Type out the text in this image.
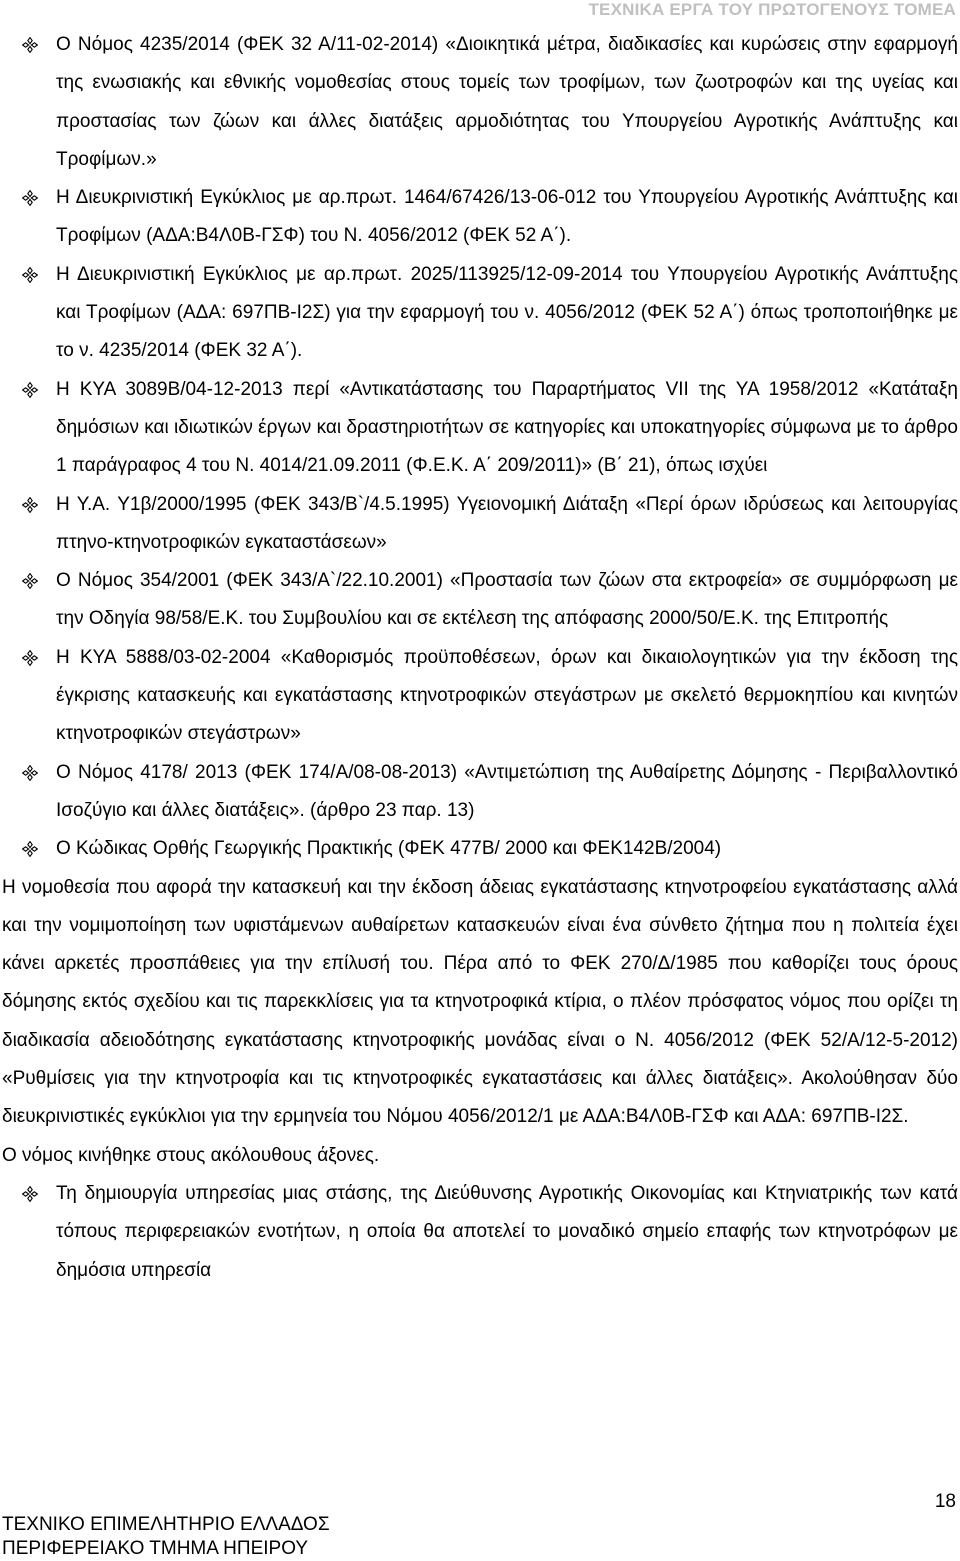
ΤΕΧΝΙΚΑ ΕΡΓΑ ΤΟΥ ΠΡΩΤΟΓΕΝΟΥΣ ΤΟΜΕΑ
Ο Νόμος 4235/2014 (ΦΕΚ 32 Α/11-02-2014) «Διοικητικά μέτρα, διαδικασίες και κυρώσεις στην εφαρμογή της ενωσιακής και εθνικής νομοθεσίας στους τομείς των τροφίμων, των ζωοτροφών και της υγείας και προστασίας των ζώων και άλλες διατάξεις αρμοδιότητας του Υπουργείου Αγροτικής Ανάπτυξης και Τροφίμων.»
Η Διευκρινιστική Εγκύκλιος με αρ.πρωτ. 1464/67426/13-06-012 του Υπουργείου Αγροτικής Ανάπτυξης και Τροφίμων (ΑΔΑ:Β4Λ0Β-ΓΣΦ) του Ν. 4056/2012 (ΦΕΚ 52 Α΄).
Η Διευκρινιστική Εγκύκλιος με αρ.πρωτ. 2025/113925/12-09-2014 του Υπουργείου Αγροτικής Ανάπτυξης και Τροφίμων (ΑΔΑ: 697ΠΒ-Ι2Σ) για την εφαρμογή του ν. 4056/2012 (ΦΕΚ 52 Α΄) όπως τροποποιήθηκε με το ν. 4235/2014 (ΦΕΚ 32 Α΄).
Η ΚΥΑ 3089Β/04-12-2013 περί «Αντικατάστασης του Παραρτήματος VII της ΥΑ 1958/2012 «Κατάταξη δημόσιων και ιδιωτικών έργων και δραστηριοτήτων σε κατηγορίες και υποκατηγορίες σύμφωνα με το άρθρο 1 παράγραφος 4 του Ν. 4014/21.09.2011 (Φ.Ε.Κ. Α΄ 209/2011)» (Β΄ 21), όπως ισχύει
Η Υ.Α. Υ1β/2000/1995 (ΦΕΚ 343/Β`/4.5.1995) Υγειονομική Διάταξη «Περί όρων ιδρύσεως και λειτουργίας πτηνο-κτηνοτροφικών εγκαταστάσεων»
Ο Νόμος 354/2001 (ΦΕΚ 343/Α`/22.10.2001) «Προστασία των ζώων στα εκτροφεία» σε συμμόρφωση με την Οδηγία 98/58/Ε.Κ. του Συμβουλίου και σε εκτέλεση της απόφασης 2000/50/Ε.Κ. της Επιτροπής
Η ΚΥΑ 5888/03-02-2004 «Καθορισμός προϋποθέσεων, όρων και δικαιολογητικών για την έκδοση της έγκρισης κατασκευής και εγκατάστασης κτηνοτροφικών στεγάστρων με σκελετό θερμοκηπίου και κινητών κτηνοτροφικών στεγάστρων»
Ο Νόμος 4178/ 2013 (ΦΕΚ 174/Α/08-08-2013) «Αντιμετώπιση της Αυθαίρετης Δόμησης - Περιβαλλοντικό Ισοζύγιο και άλλες διατάξεις». (άρθρο 23 παρ. 13)
Ο Κώδικας Ορθής Γεωργικής Πρακτικής (ΦΕΚ 477Β/ 2000 και ΦΕΚ142Β/2004)

Η νομοθεσία που αφορά την κατασκευή και την έκδοση άδειας εγκατάστασης κτηνοτροφείου εγκατάστασης αλλά και την νομιμοποίηση των υφιστάμενων αυθαίρετων κατασκευών είναι ένα σύνθετο ζήτημα που η πολιτεία έχει κάνει αρκετές προσπάθειες για την επίλυσή του. Πέρα από το ΦΕΚ 270/Δ/1985 που καθορίζει τους όρους δόμησης εκτός σχεδίου και τις παρεκκλίσεις για τα κτηνοτροφικά κτίρια, ο πλέον πρόσφατος νόμος που ορίζει τη διαδικασία αδειοδότησης εγκατάστασης κτηνοτροφικής μονάδας είναι ο Ν. 4056/2012 (ΦΕΚ 52/Α/12-5-2012) «Ρυθμίσεις για την κτηνοτροφία και τις κτηνοτροφικές εγκαταστάσεις και άλλες διατάξεις». Ακολούθησαν δύο διευκρινιστικές εγκύκλιοι για την ερμηνεία του Νόμου 4056/2012/1 με ΑΔΑ:Β4Λ0Β-ΓΣΦ και ΑΔΑ: 697ΠΒ-Ι2Σ.

Ο νόμος κινήθηκε στους ακόλουθους άξονες.

Τη δημιουργία υπηρεσίας μιας στάσης, της Διεύθυνσης Αγροτικής Οικονομίας και Κτηνιατρικής των κατά τόπους περιφερειακών ενοτήτων, η οποία θα αποτελεί το μοναδικό σημείο επαφής των κτηνοτρόφων με δημόσια υπηρεσία
18
ΤΕΧΝΙΚΟ ΕΠΙΜΕΛΗΤΗΡΙΟ ΕΛΛΑΔΟΣ
ΠΕΡΙΦΕΡΕΙΑΚΟ ΤΜΗΜΑ ΗΠΕΙΡΟΥ
